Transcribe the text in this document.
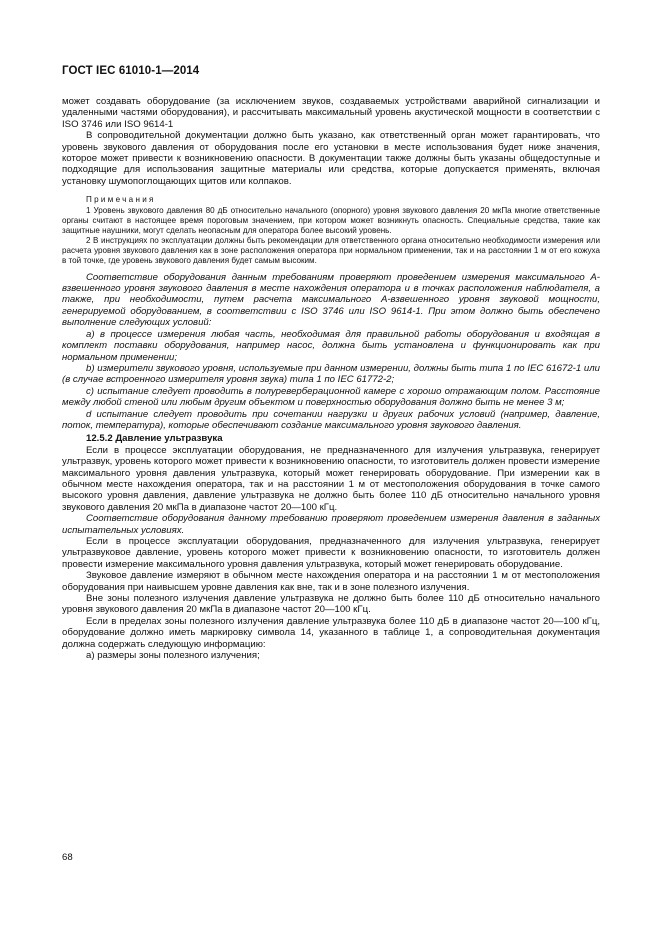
ГОСТ IEC 61010-1—2014

может создавать оборудование (за исключением звуков, создаваемых устройствами аварийной сигнализации и удаленными частями оборудования), и рассчитывать максимальный уровень акустической мощности в соответствии с ISO 3746 или ISO 9614-1

В сопроводительной документации должно быть указано, как ответственный орган может гарантировать, что уровень звукового давления от оборудования после его установки в месте использования будет ниже значения, которое может привести к возникновению опасности. В документации также должны быть указаны общедоступные и подходящие для использования защитные материалы или средства, которые допускается применять, включая установку шумопоглощающих щитов или колпаков.

Примечания

1 Уровень звукового давления 80 дБ относительно начального (опорного) уровня звукового давления 20 мкПа многие ответственные органы считают в настоящее время пороговым значением, при котором может возникнуть опасность. Специальные средства, такие как защитные наушники, могут сделать неопасным для оператора более высокий уровень.

2 В инструкциях по эксплуатации должны быть рекомендации для ответственного органа относительно необходимости измерения или расчета уровня звукового давления как в зоне расположения оператора при нормальном применении, так и на расстоянии 1 м от его кожуха в той точке, где уровень звукового давления будет самым высоким.

Соответствие оборудования данным требованиям проверяют проведением измерения максимального А-взвешенного уровня звукового давления в месте нахождения оператора и в точках расположения наблюдателя, а также, при необходимости, путем расчета максимального А-взвешенного уровня звуковой мощности, генерируемой оборудованием, в соответствии с ISO 3746 или ISO 9614-1. При этом должно быть обеспечено выполнение следующих условий:

a) в процессе измерения любая часть, необходимая для правильной работы оборудования и входящая в комплект поставки оборудования, например насос, должна быть установлена и функционировать как при нормальном применении;

b) измерители звукового уровня, используемые при данном измерении, должны быть типа 1 по IEC 61672-1 или (в случае встроенного измерителя уровня звука) типа 1 по IEC 61772-2;

c) испытание следует проводить в полуреверберационной камере с хорошо отражающим полом. Расстояние между любой стеной или любым другим объектом и поверхностью оборудования должно быть не менее 3 м;

d испытание следует проводить при сочетании нагрузки и других рабочих условий (например, давление, поток, температура), которые обеспечивают создание максимального уровня звукового давления.

12.5.2 Давление ультразвука

Если в процессе эксплуатации оборудования, не предназначенного для излучения ультразвука, генерирует ультразвук, уровень которого может привести к возникновению опасности, то изготовитель должен провести измерение максимального уровня давления ультразвука, который может генерировать оборудование. При измерении как в обычном месте нахождения оператора, так и на расстоянии 1 м от местоположения оборудования в точке самого высокого уровня давления, давление ультразвука не должно быть более 110 дБ относительно начального уровня звукового давления 20 мкПа в диапазоне частот 20—100 кГц.

Соответствие оборудования данному требованию проверяют проведением измерения давления в заданных испытательных условиях.

Если в процессе эксплуатации оборудования, предназначенного для излучения ультразвука, генерирует ультразвуковое давление, уровень которого может привести к возникновению опасности, то изготовитель должен провести измерение максимального уровня давления ультразвука, который может генерировать оборудование.

Звуковое давление измеряют в обычном месте нахождения оператора и на расстоянии 1 м от местоположения оборудования при наивысшем уровне давления как вне, так и в зоне полезного излучения.

Вне зоны полезного излучения давление ультразвука не должно быть более 110 дБ относительно начального уровня звукового давления 20 мкПа в диапазоне частот 20—100 кГц.

Если в пределах зоны полезного излучения давление ультразвука более 110 дБ в диапазоне частот 20—100 кГц, оборудование должно иметь маркировку символа 14, указанного в таблице 1, а сопроводительная документация должна содержать следующую информацию:

a) размеры зоны полезного излучения;

68
